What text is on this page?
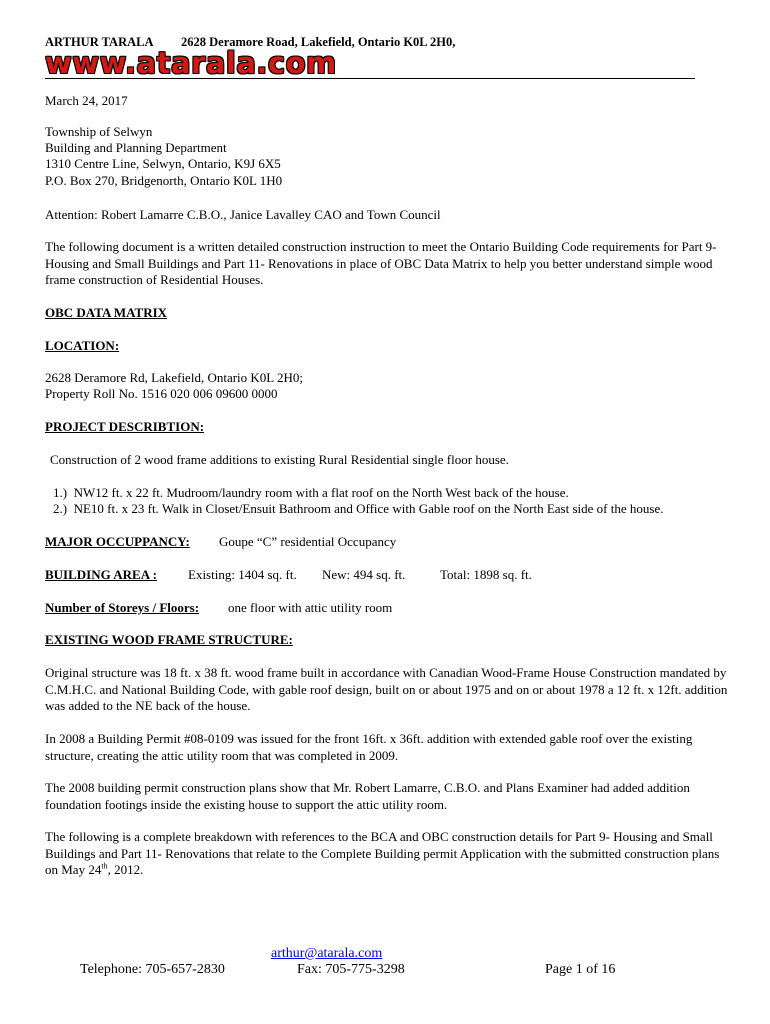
ARTHUR TARALA 2628 Deramore Road, Lakefield, Ontario K0L 2H0,
www.atarala.com
March 24, 2017
Township of Selwyn
Building and Planning Department
1310 Centre Line, Selwyn, Ontario, K9J 6X5
P.O. Box 270, Bridgenorth, Ontario K0L 1H0
Attention: Robert Lamarre C.B.O., Janice Lavalley CAO and Town Council
The following document is a written detailed construction instruction to meet the Ontario Building Code requirements for Part 9- Housing and Small Buildings and Part 11- Renovations in place of OBC Data Matrix to help you better understand simple wood frame construction of Residential Houses.
OBC DATA MATRIX
LOCATION:
2628 Deramore Rd, Lakefield, Ontario K0L 2H0;
Property Roll No. 1516 020 006 09600 0000
PROJECT DESCRIBTION:
Construction of 2 wood frame additions to existing Rural Residential single floor house.
1.) NW12 ft. x 22 ft. Mudroom/laundry room with a flat roof on the North West back of the house.
2.) NE10 ft. x 23 ft. Walk in Closet/Ensuit Bathroom and Office with Gable roof on the North East side of the house.
MAJOR OCCUPPANCY: Goupe “C” residential Occupancy
BUILDING AREA : Existing: 1404 sq. ft. New: 494 sq. ft.	Total: 1898 sq. ft.
Number of Storeys / Floors: one floor with attic utility room
EXISTING WOOD FRAME STRUCTURE:
Original structure was 18 ft. x 38 ft. wood frame built in accordance with Canadian Wood-Frame House Construction mandated by C.M.H.C. and National Building Code, with gable roof design, built on or about 1975 and on or about 1978 a 12 ft. x 12ft. addition was added to the NE back of the house.
In 2008 a Building Permit #08-0109 was issued for the front 16ft. x 36ft. addition with extended gable roof over the existing structure, creating the attic utility room that was completed in 2009.
The 2008 building permit construction plans show that Mr. Robert Lamarre, C.B.O. and Plans Examiner had added addition foundation footings inside the existing house to support the attic utility room.
The following is a complete breakdown with references to the BCA and OBC construction details for Part 9- Housing and Small Buildings and Part 11- Renovations that relate to the Complete Building permit Application with the submitted construction plans on May 24th, 2012.
arthur@atarala.com
Telephone: 705-657-2830	Fax: 705-775-3298	Page 1 of 16
